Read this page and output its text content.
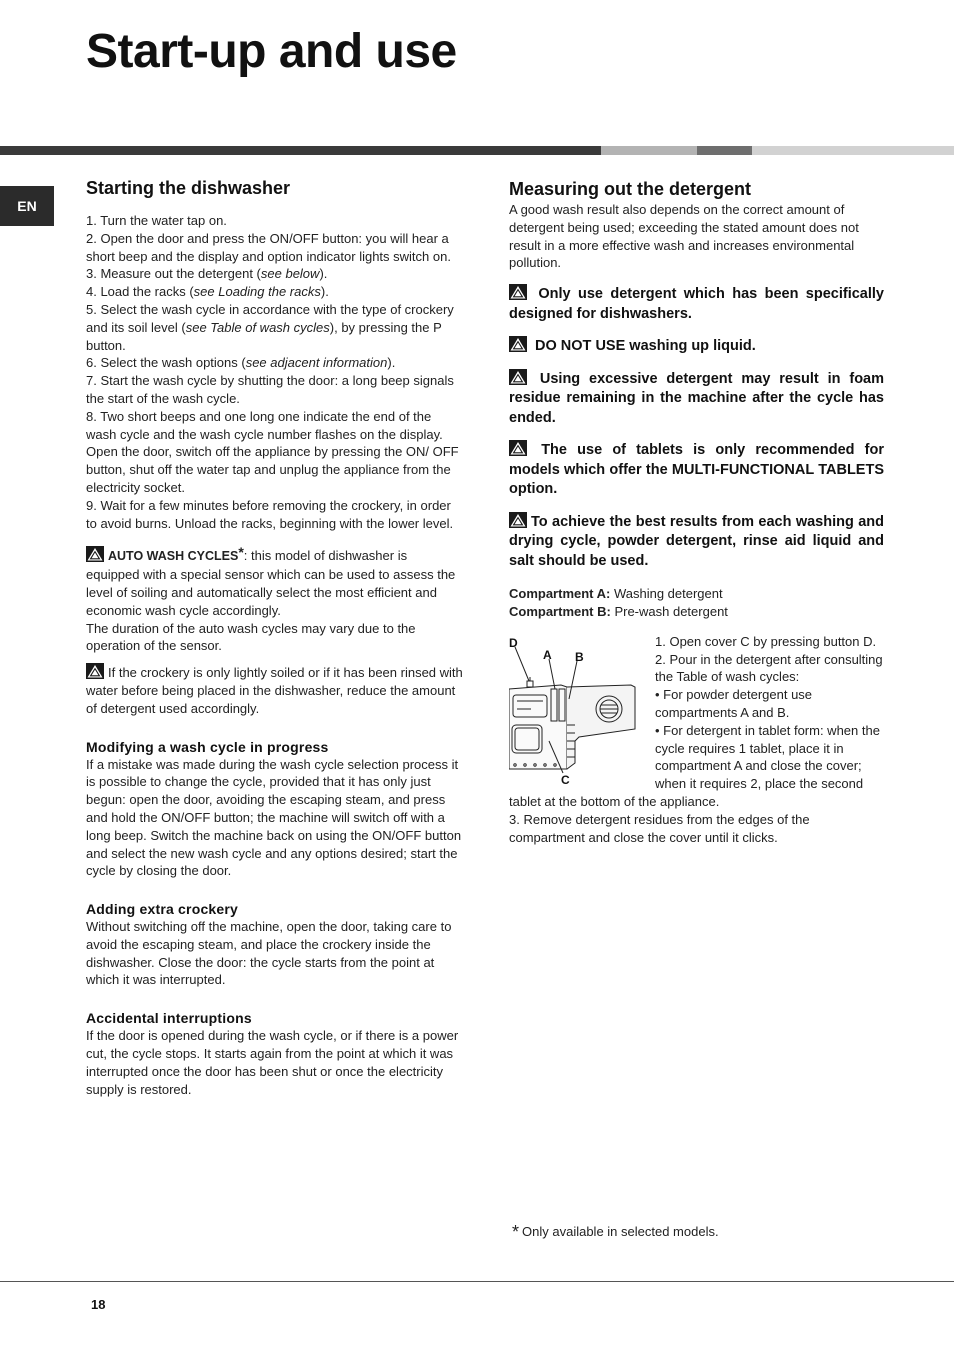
Start-up and use
EN
Starting the dishwasher

1. Turn the water tap on.

2. Open the door and press the ON/OFF button: you will hear a short beep and the display and option indicator lights switch on.

3. Measure out the detergent (see below).

4. Load the racks (see Loading the racks).

5. Select the wash cycle in accordance with the type of crockery and its soil level (see Table of wash cycles), by pressing the P button.

6. Select the wash options (see adjacent information).

7. Start the wash cycle by shutting the door: a long beep signals the start of the wash cycle.

8. Two short beeps and one long one indicate the end of the wash cycle and the wash cycle number flashes on the display. Open the door, switch off the appliance by pressing the ON/ OFF button, shut off the water tap and unplug the appliance from the electricity socket.

9. Wait for a few minutes before removing the crockery, in order to avoid burns. Unload the racks, beginning with the lower level.

AUTO WASH CYCLES*: this model of dishwasher is equipped with a special sensor which can be used to assess the level of soiling and automatically select the most efficient and economic wash cycle accordingly.

The duration of the auto wash cycles may vary due to the operation of the sensor.

If the crockery is only lightly soiled or if it has been rinsed with water before being placed in the dishwasher, reduce the amount of detergent used accordingly.

Modifying a wash cycle in progress

If a mistake was made during the wash cycle selection process it is possible to change the cycle, provided that it has only just begun: open the door, avoiding the escaping steam, and press and hold the ON/OFF button; the machine will switch off with a long beep. Switch the machine back on using the ON/OFF button and select the new wash cycle and any options desired; start the cycle by closing the door.

Adding extra crockery

Without switching off the machine, open the door, taking care to avoid the escaping steam, and place the crockery inside the dishwasher. Close the door: the cycle starts from the point at which it was interrupted.

Accidental interruptions

If the door is opened during the wash cycle, or if there is a power cut, the cycle stops. It starts again from the point at which it was interrupted once the door has been shut or once the electricity supply is restored.

Measuring out the detergent

A good wash result also depends on the correct amount of detergent being used; exceeding the stated amount does not result in a more effective wash and increases environmental pollution.

Only use detergent which has been specifically designed for dishwashers.

DO NOT USE washing up liquid.

Using excessive detergent may result in foam residue remaining in the machine after the cycle has ended.

The use of tablets is only recommended for models which offer the MULTI-FUNCTIONAL TABLETS option.

To achieve the best results from each washing and drying cycle, powder detergent, rinse aid liquid and salt should be used.

Compartment A: Washing detergent

Compartment B: Pre-wash detergent

D
A B
C

1. Open cover C by pressing button D.

2. Pour in the detergent after consulting the Table of wash cycles:

• For powder detergent use compartments A and B.

• For detergent in tablet form: when the cycle requires 1 tablet, place it in compartment A and close the cover; when it requires 2, place the second tablet at the bottom of the appliance.

3. Remove detergent residues from the edges of the compartment and close the cover until it clicks.

* Only available in selected models.
18
